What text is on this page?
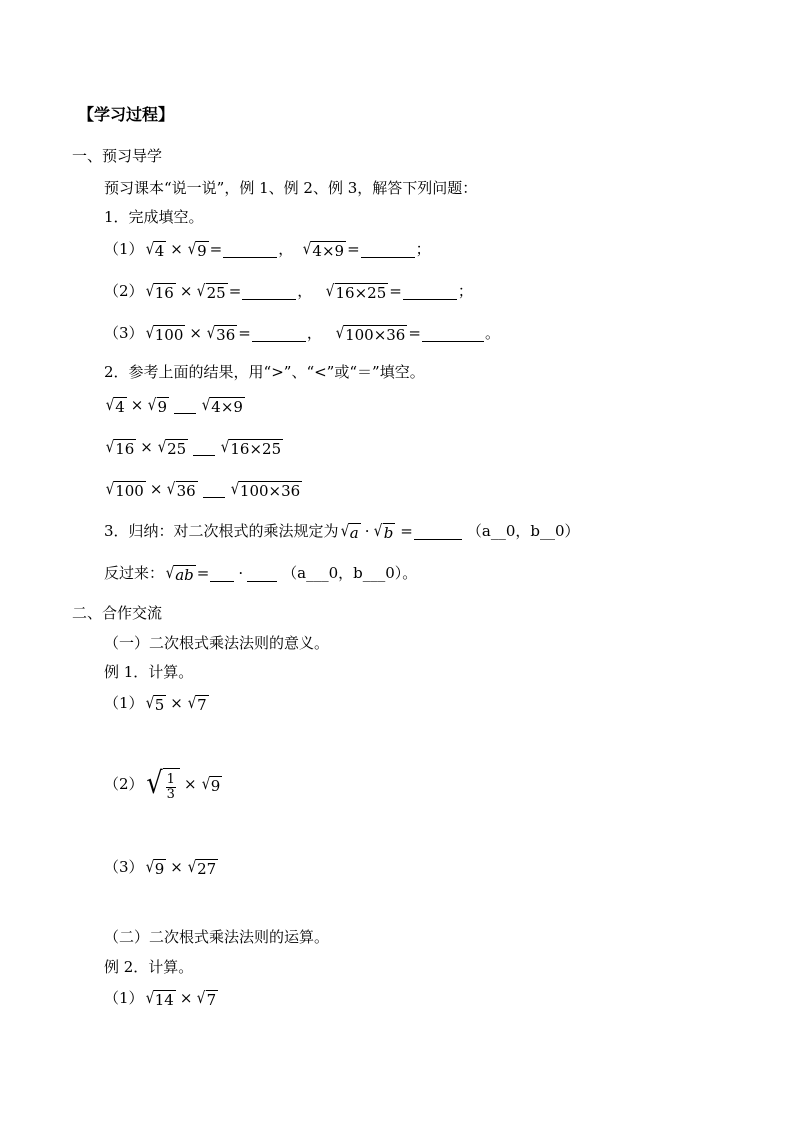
【学习过程】
一、预习导学
预习课本“说一说”，例 1、例 2、例 3，解答下列问题：
1．完成填空。
（1） √ 4 × √ 9 =	， √ 4×9 =	；
（2） √ 16 × √ 25 =	， √ 16×25 =	；
（3） √ 100 × √ 36 =	， √ 100×36 =	。
2．参考上面的结果，用“>”、“<”或“＝”填空。
√ 4 × √ 9 √ 4×9
√ 16 × √ 25 √ 16×25
√ 100 × √ 36 √ 100×36
3．归纳：对二次根式的乘法规定为 √ a · √ b =	（a__0，b__0）
反过来： √ ab = ·	（a___0，b___0）。
二、合作交流
（一）二次根式乘法法则的意义。
例 1．计算。
（1） √ 5 × √ 7
（2） √ $\frac{1}{3}$ × √ 9
（3） √ 9 × √ 27
（二）二次根式乘法法则的运算。
例 2．计算。
（1） √ 14 × √ 7
